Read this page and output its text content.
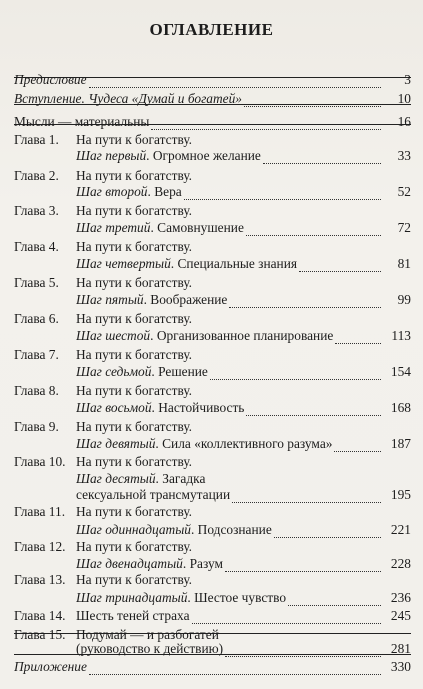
ОГЛАВЛЕНИЕ
Предисловие	3
Вступление. Чудеса «Думай и богатей»	10
Мысли — материальны	16
Глава 1. На пути к богатству.
Шаг первый . Огромное желание	33
Глава 2. На пути к богатству.
Шаг второй . Вера	52
Глава 3. На пути к богатству.
Шаг третий . Самовнушение	72
Глава 4. На пути к богатству.
Шаг четвертый . Специальные знания	81
Глава 5. На пути к богатству.
Шаг пятый . Воображение	99
Глава 6. На пути к богатству.
Шаг шестой . Организованное планирование	113
Глава 7. На пути к богатству.
Шаг седьмой . Решение	154
Глава 8. На пути к богатству.
Шаг восьмой . Настойчивость	168
Глава 9. На пути к богатству.
Шаг девятый . Сила «коллективного разума»	187
Глава 10. На пути к богатству.
Шаг десятый . Загадка
сексуальной трансмутации	195
Глава 11. На пути к богатству.
Шаг одиннадцатый . Подсознание	221
Глава 12. На пути к богатству.
Шаг двенадцатый . Разум	228
Глава 13. На пути к богатству.
Шаг тринадцатый . Шестое чувство	236
Глава 14. Шесть теней страха	245
Глава 15. Подумай — и разбогатей
(руководство к действию)	281
Приложение	330
